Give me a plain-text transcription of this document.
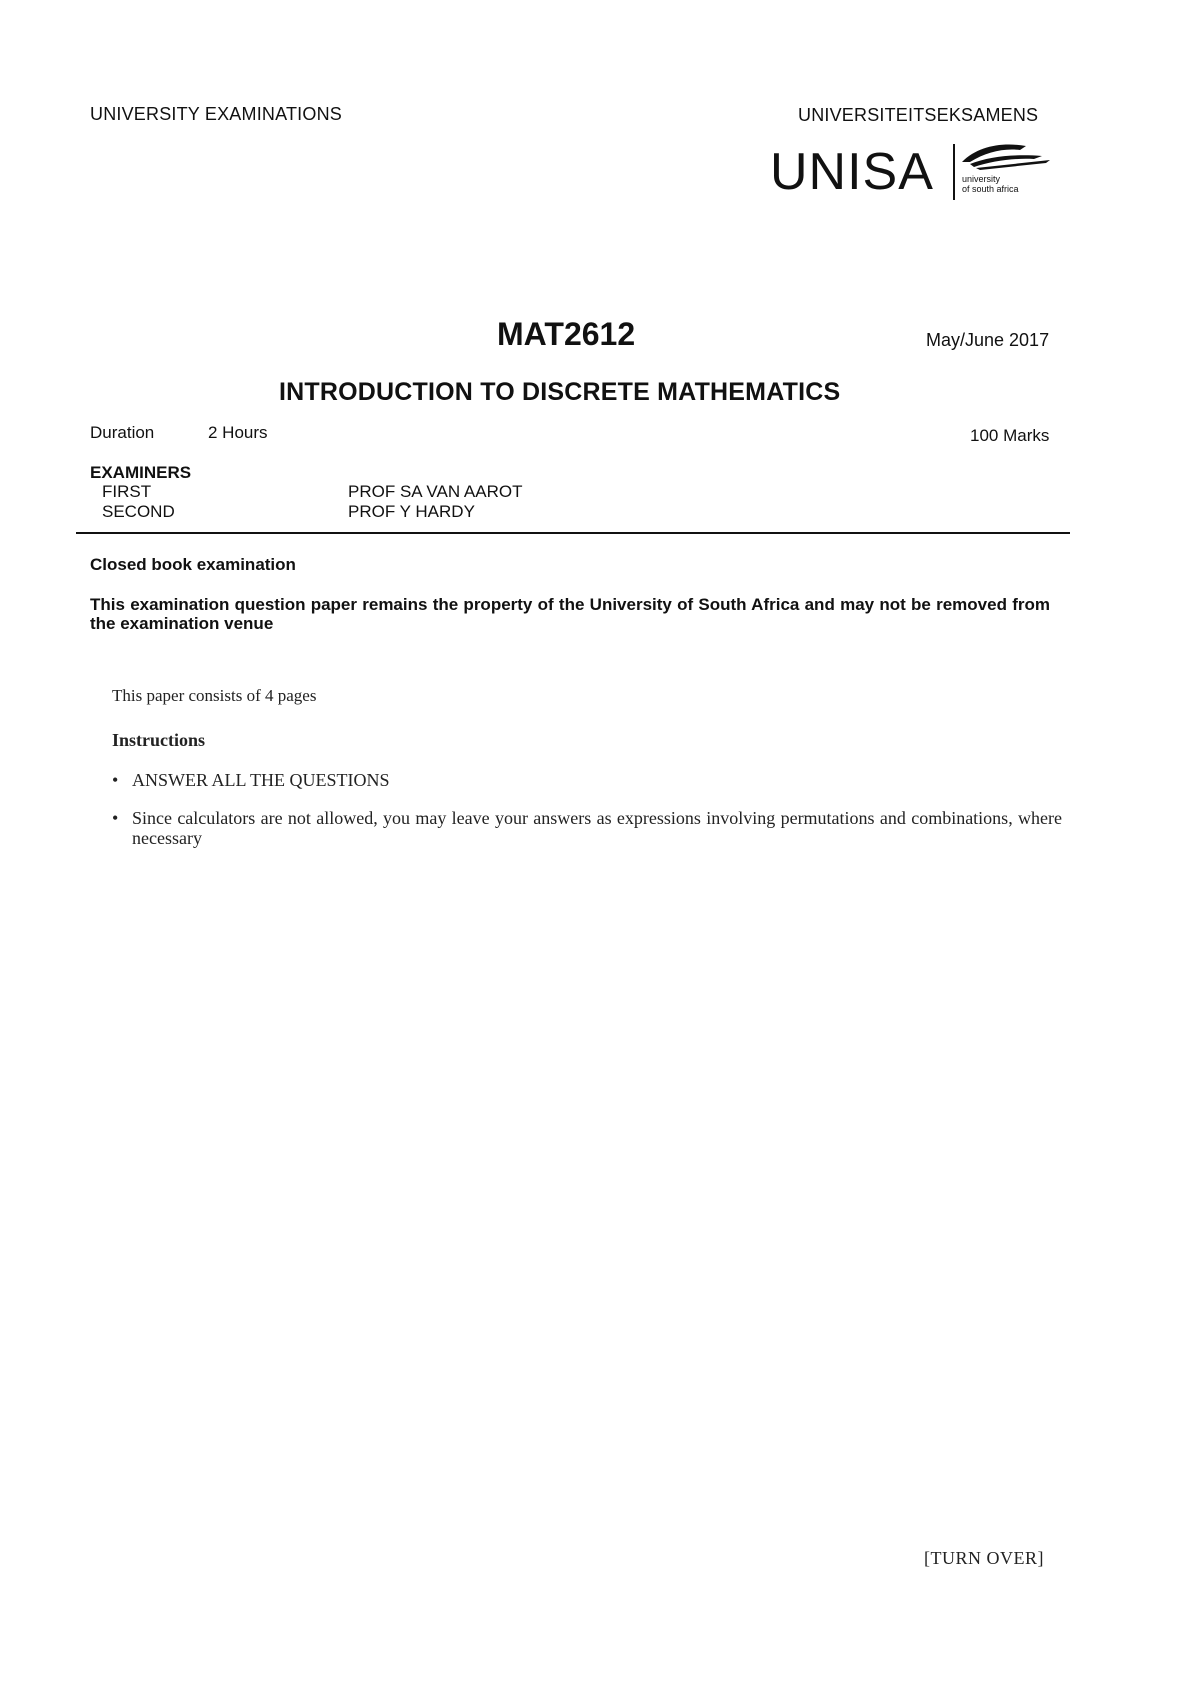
UNIVERSITY EXAMINATIONS	UNIVERSITEITSEKSAMENS
UNISA	university
of south africa
MAT2612	May/June 2017
INTRODUCTION TO DISCRETE MATHEMATICS
Duration	2 Hours	100 Marks
EXAMINERS
FIRST	PROF SA VAN AAROT
SECOND	PROF Y HARDY
Closed book examination
This examination question paper remains the property of the University of South Africa and may not be removed from the examination venue
This paper consists of 4 pages
Instructions
• ANSWER ALL THE QUESTIONS
• Since calculators are not allowed, you may leave your answers as expressions involving permutations and combinations, where necessary
[TURN OVER]
